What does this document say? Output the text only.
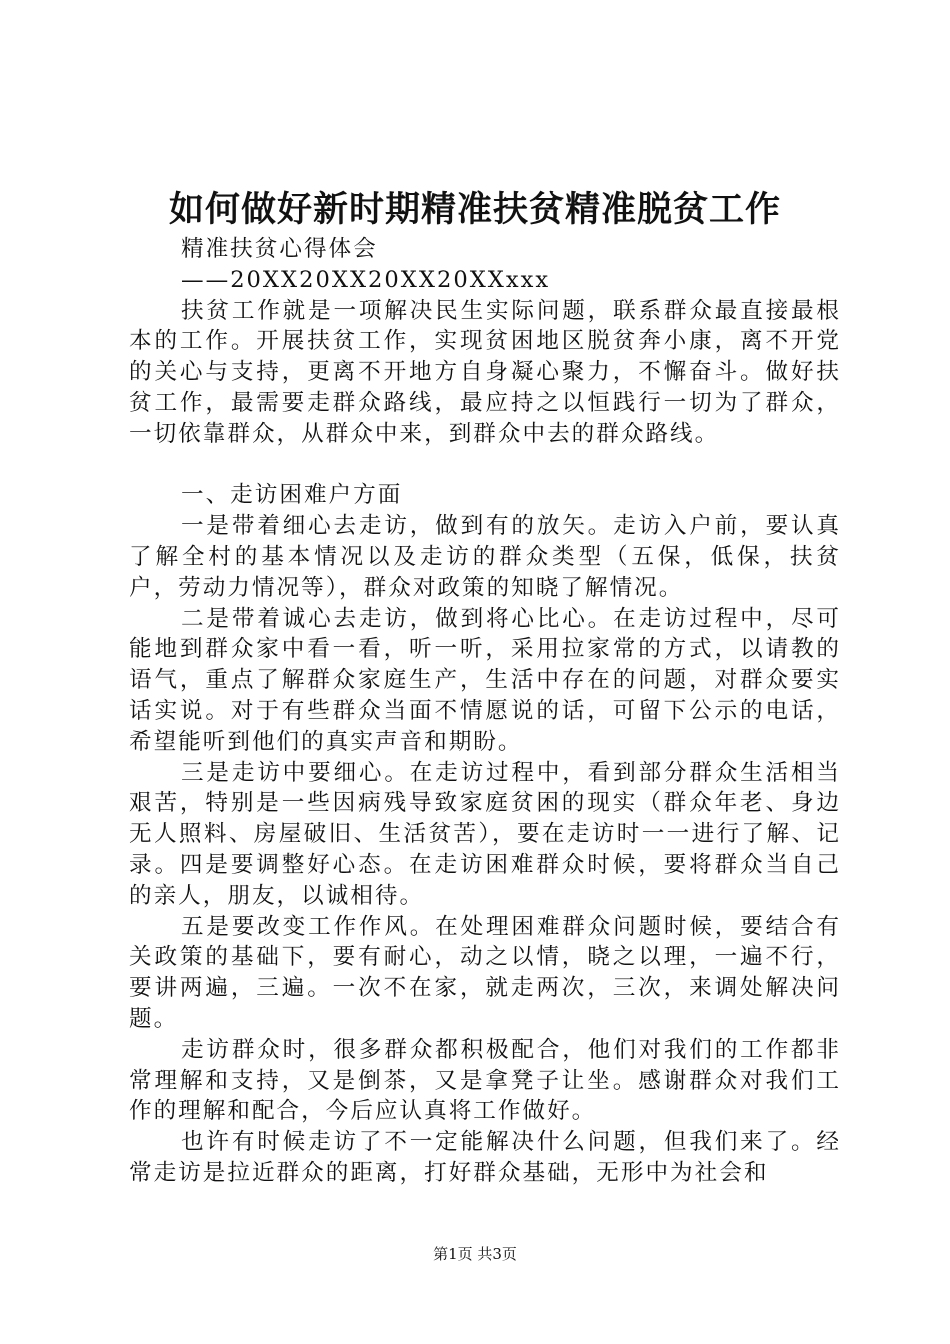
如何做好新时期精准扶贫精准脱贫工作

精准扶贫心得体会

——20XX20XX20XX20XXxxx

扶贫工作就是一项解决民生实际问题，联系群众最直接最根本的工作。开展扶贫工作，实现贫困地区脱贫奔小康，离不开党的关心与支持，更离不开地方自身凝心聚力，不懈奋斗。做好扶贫工作，最需要走群众路线，最应持之以恒践行一切为了群众，一切依靠群众，从群众中来，到群众中去的群众路线。

一、走访困难户方面

一是带着细心去走访，做到有的放矢。走访入户前，要认真了解全村的基本情况以及走访的群众类型（五保，低保，扶贫户，劳动力情况等），群众对政策的知晓了解情况。

二是带着诚心去走访，做到将心比心。在走访过程中，尽可能地到群众家中看一看，听一听，采用拉家常的方式，以请教的语气，重点了解群众家庭生产，生活中存在的问题，对群众要实话实说。对于有些群众当面不情愿说的话，可留下公示的电话，希望能听到他们的真实声音和期盼。

三是走访中要细心。在走访过程中，看到部分群众生活相当艰苦，特别是一些因病残导致家庭贫困的现实（群众年老、身边无人照料、房屋破旧、生活贫苦），要在走访时一一进行了解、记录。四是要调整好心态。在走访困难群众时候，要将群众当自己的亲人，朋友，以诚相待。

五是要改变工作作风。在处理困难群众问题时候，要结合有关政策的基础下，要有耐心，动之以情，晓之以理，一遍不行，要讲两遍，三遍。一次不在家，就走两次，三次，来调处解决问题。

走访群众时，很多群众都积极配合，他们对我们的工作都非常理解和支持，又是倒茶，又是拿凳子让坐。感谢群众对我们工作的理解和配合，今后应认真将工作做好。

也许有时候走访了不一定能解决什么问题，但我们来了。经常走访是拉近群众的距离，打好群众基础，无形中为社会和

第1页 共3页
